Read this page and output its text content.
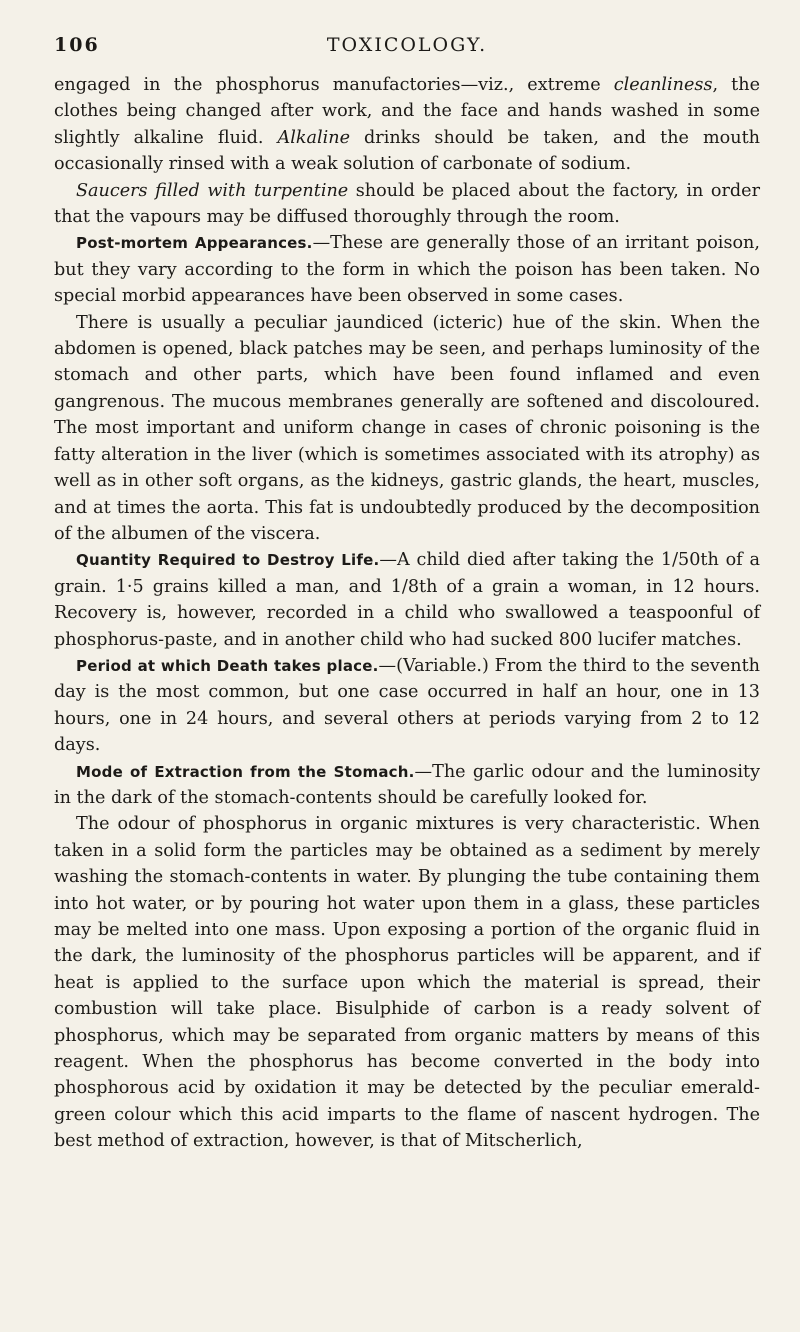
106	TOXICOLOGY.

engaged in the phosphorus manufactories—viz., extreme cleanliness, the clothes being changed after work, and the face and hands washed in some slightly alkaline fluid. Alkaline drinks should be taken, and the mouth occasionally rinsed with a weak solution of carbonate of sodium.

Saucers filled with turpentine should be placed about the factory, in order that the vapours may be diffused thoroughly through the room.

Post-mortem Appearances.—These are generally those of an irritant poison, but they vary according to the form in which the poison has been taken. No special morbid appearances have been observed in some cases.

There is usually a peculiar jaundiced (icteric) hue of the skin. When the abdomen is opened, black patches may be seen, and perhaps luminosity of the stomach and other parts, which have been found inflamed and even gangrenous. The mucous membranes generally are softened and discoloured. The most important and uniform change in cases of chronic poisoning is the fatty alteration in the liver (which is sometimes associated with its atrophy) as well as in other soft organs, as the kidneys, gastric glands, the heart, muscles, and at times the aorta. This fat is undoubtedly produced by the decomposition of the albumen of the viscera.

Quantity Required to Destroy Life.—A child died after taking the 1/50th of a grain. 1·5 grains killed a man, and 1/8th of a grain a woman, in 12 hours. Recovery is, however, recorded in a child who swallowed a teaspoonful of phosphorus-paste, and in another child who had sucked 800 lucifer matches.

Period at which Death takes place.—(Variable.) From the third to the seventh day is the most common, but one case occurred in half an hour, one in 13 hours, one in 24 hours, and several others at periods varying from 2 to 12 days.

Mode of Extraction from the Stomach.—The garlic odour and the luminosity in the dark of the stomach-contents should be carefully looked for.

The odour of phosphorus in organic mixtures is very characteristic. When taken in a solid form the particles may be obtained as a sediment by merely washing the stomach-contents in water. By plunging the tube containing them into hot water, or by pouring hot water upon them in a glass, these particles may be melted into one mass. Upon exposing a portion of the organic fluid in the dark, the luminosity of the phosphorus particles will be apparent, and if heat is applied to the surface upon which the material is spread, their combustion will take place. Bisulphide of carbon is a ready solvent of phosphorus, which may be separated from organic matters by means of this reagent. When the phosphorus has become converted in the body into phosphorous acid by oxidation it may be detected by the peculiar emerald-green colour which this acid imparts to the flame of nascent hydrogen. The best method of extraction, however, is that of Mitscherlich,
